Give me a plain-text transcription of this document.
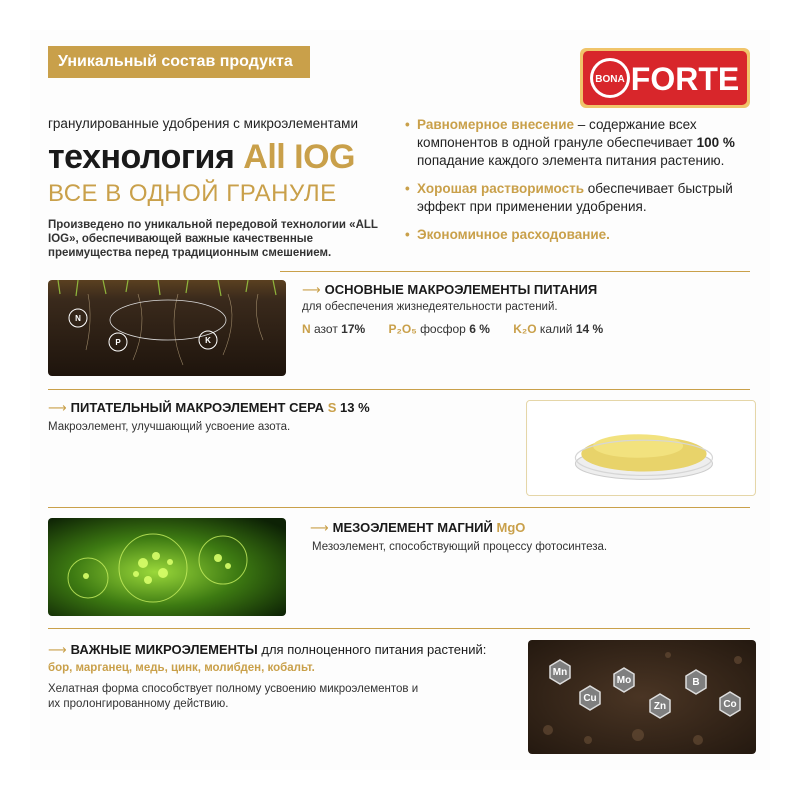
Уникальный состав продукта
BONA FORTE
гранулированные удобрения с микроэлементами
технология All IOG
ВСЕ В ОДНОЙ ГРАНУЛЕ
Произведено по уникальной передовой технологии «ALL IOG», обеспечивающей важные качественные преимущества перед традиционным смешением.
• Равномерное внесение – содержание всех компонентов в одной грануле обеспечивает 100 % попадание каждого элемента питания растению.
• Хорошая растворимость обеспечивает быстрый эффект при применении удобрения.
• Экономичное расходование.
N
P	K
⟶ ОСНОВНЫЕ МАКРОЭЛЕМЕНТЫ ПИТАНИЯ
для обеспечения жизнедеятельности растений.
N азот 17% P₂O₅ фосфор 6 % K₂O калий 14 %
⟶ ПИТАТЕЛЬНЫЙ МАКРОЭЛЕМЕНТ СЕРА S 13 %
Макроэлемент, улучшающий усвоение азота.
⟶ МЕЗОЭЛЕМЕНТ МАГНИЙ MgO
Мезоэлемент, способствующий процессу фотосинтеза.
⟶ ВАЖНЫЕ МИКРОЭЛЕМЕНТЫ для полноценного питания растений:
бор, марганец, медь, цинк, молибден, кобальт.
Хелатная форма способствует полному усвоению микроэлементов и их пролонгированному действию.
Mn
Cu
Mo
Zn
B
Co
